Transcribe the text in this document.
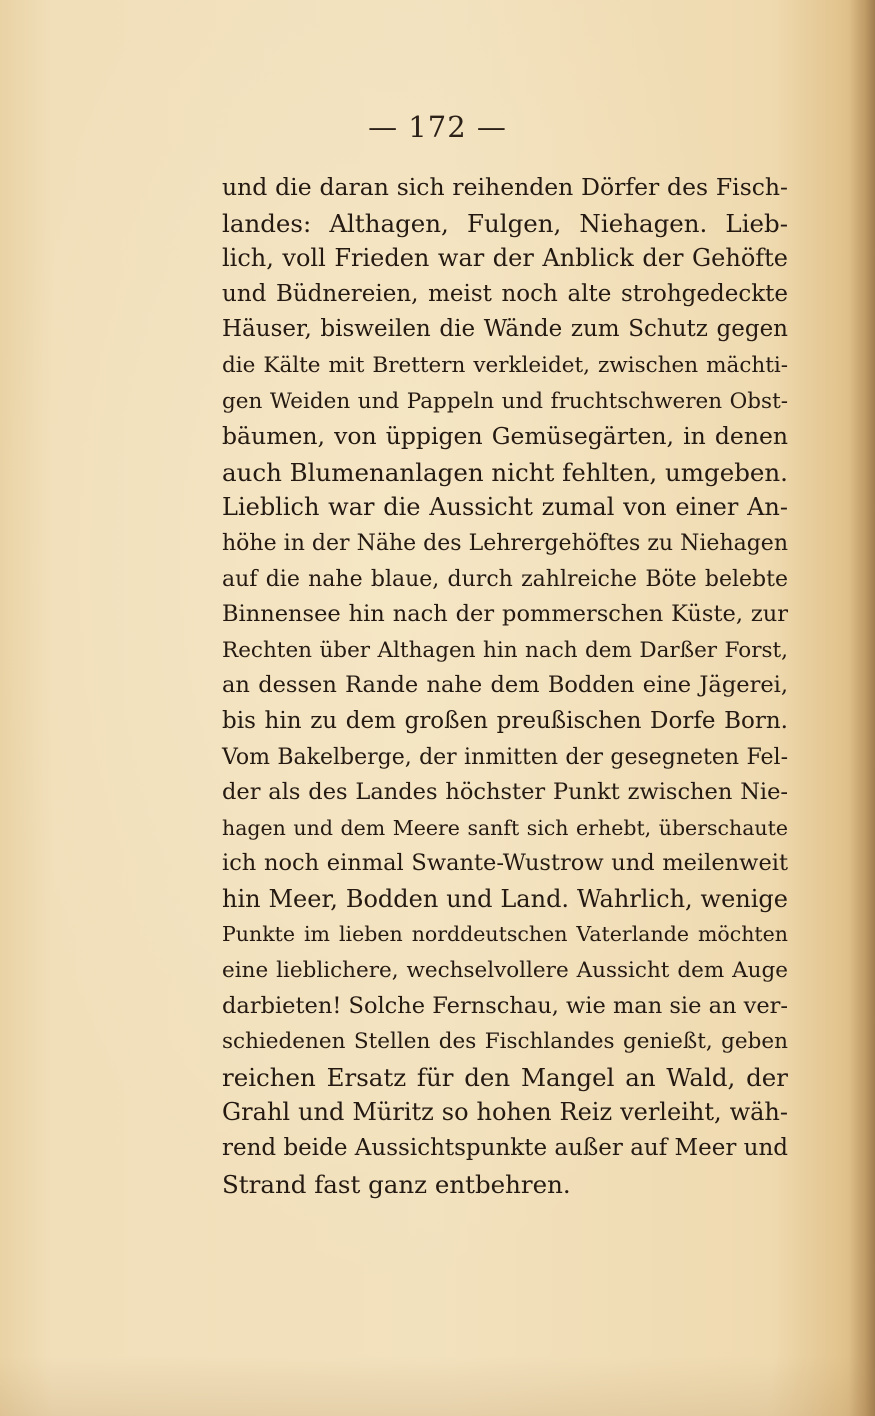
— 172 —
und die daran sich reihenden Dörfer des Fisch-
landes: Althagen, Fulgen, Niehagen. Lieb-
lich, voll Frieden war der Anblick der Gehöfte
und Büdnereien, meist noch alte strohgedeckte
Häuser, bisweilen die Wände zum Schutz gegen
die Kälte mit Brettern verkleidet, zwischen mächti-
gen Weiden und Pappeln und fruchtschweren Obst-
bäumen, von üppigen Gemüsegärten, in denen
auch Blumenanlagen nicht fehlten, umgeben.
Lieblich war die Aussicht zumal von einer An-
höhe in der Nähe des Lehrergehöftes zu Niehagen
auf die nahe blaue, durch zahlreiche Böte belebte
Binnensee hin nach der pommerschen Küste, zur
Rechten über Althagen hin nach dem Darßer Forst,
an dessen Rande nahe dem Bodden eine Jägerei,
bis hin zu dem großen preußischen Dorfe Born.
Vom Bakelberge, der inmitten der gesegneten Fel-
der als des Landes höchster Punkt zwischen Nie-
hagen und dem Meere sanft sich erhebt, überschaute
ich noch einmal Swante-Wustrow und meilenweit
hin Meer, Bodden und Land. Wahrlich, wenige
Punkte im lieben norddeutschen Vaterlande möchten
eine lieblichere, wechselvollere Aussicht dem Auge
darbieten! Solche Fernschau, wie man sie an ver-
schiedenen Stellen des Fischlandes genießt, geben
reichen Ersatz für den Mangel an Wald, der
Grahl und Müritz so hohen Reiz verleiht, wäh-
rend beide Aussichtspunkte außer auf Meer und
Strand fast ganz entbehren.
